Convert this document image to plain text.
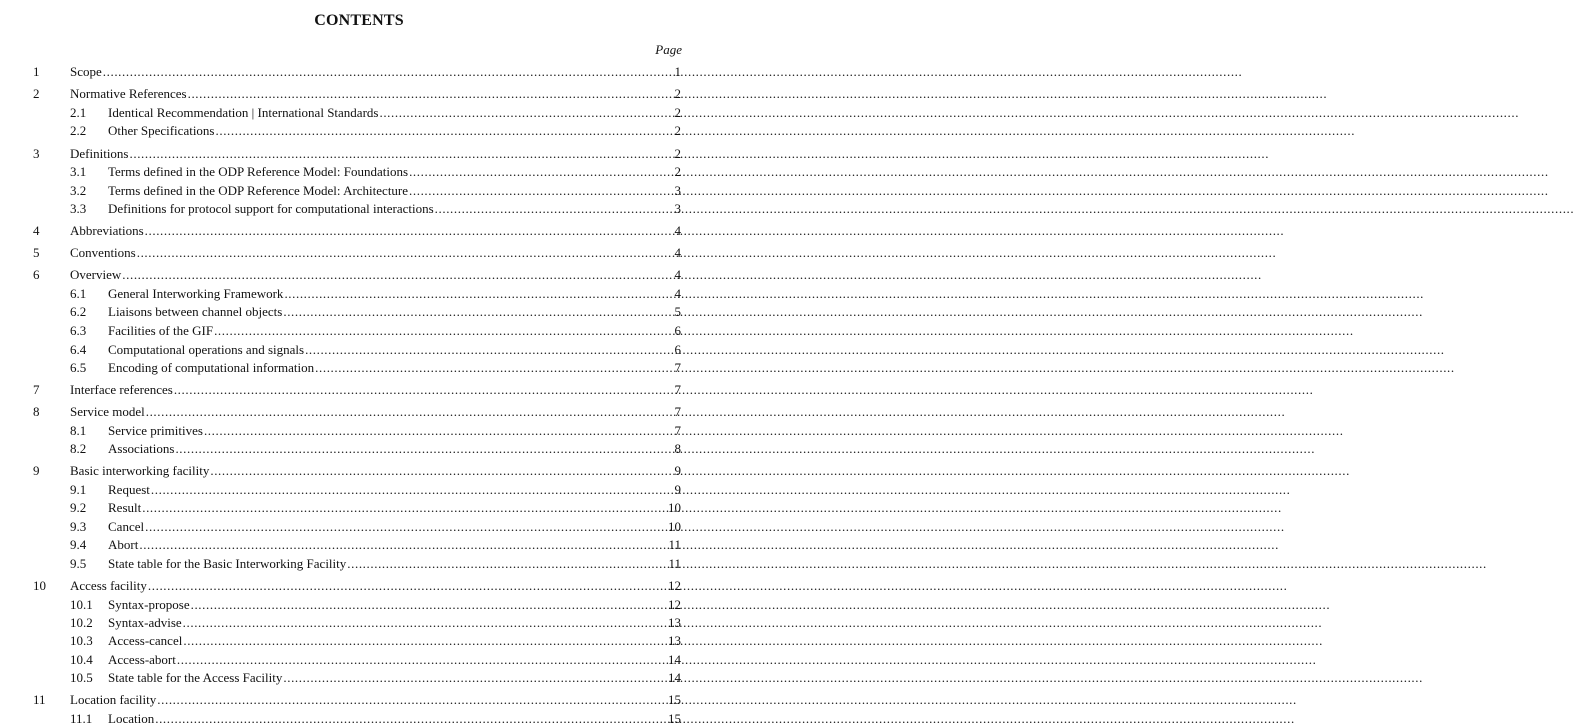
CONTENTS
Page
1 Scope .....	1
2 Normative References .....	2
2.1 Identical Recommendation | International Standards .....	2
2.2 Other Specifications .....	2
3 Definitions .....	2
3.1 Terms defined in the ODP Reference Model: Foundations .....	2
3.2 Terms defined in the ODP Reference Model: Architecture .....	3
3.3 Definitions for protocol support for computational interactions .....	3
4 Abbreviations .....	4
5 Conventions .....	4
6 Overview .....	4
6.1 General Interworking Framework .....	4
6.2 Liaisons between channel objects .....	5
6.3 Facilities of the GIF .....	6
6.4 Computational operations and signals .....	6
6.5 Encoding of computational information .....	7
7 Interface references .....	7
8 Service model .....	7
8.1 Service primitives .....	7
8.2 Associations .....	8
9 Basic interworking facility .....	9
9.1 Request .....	9
9.2 Result .....	10
9.3 Cancel .....	10
9.4 Abort .....	11
9.5 State table for the Basic Interworking Facility .....	11
10 Access facility .....	12
10.1 Syntax-propose .....	12
10.2 Syntax-advise .....	13
10.3 Access-cancel .....	13
10.4 Access-abort .....	14
10.5 State table for the Access Facility .....	14
11 Location facility .....	15
11.1 Location .....	15
